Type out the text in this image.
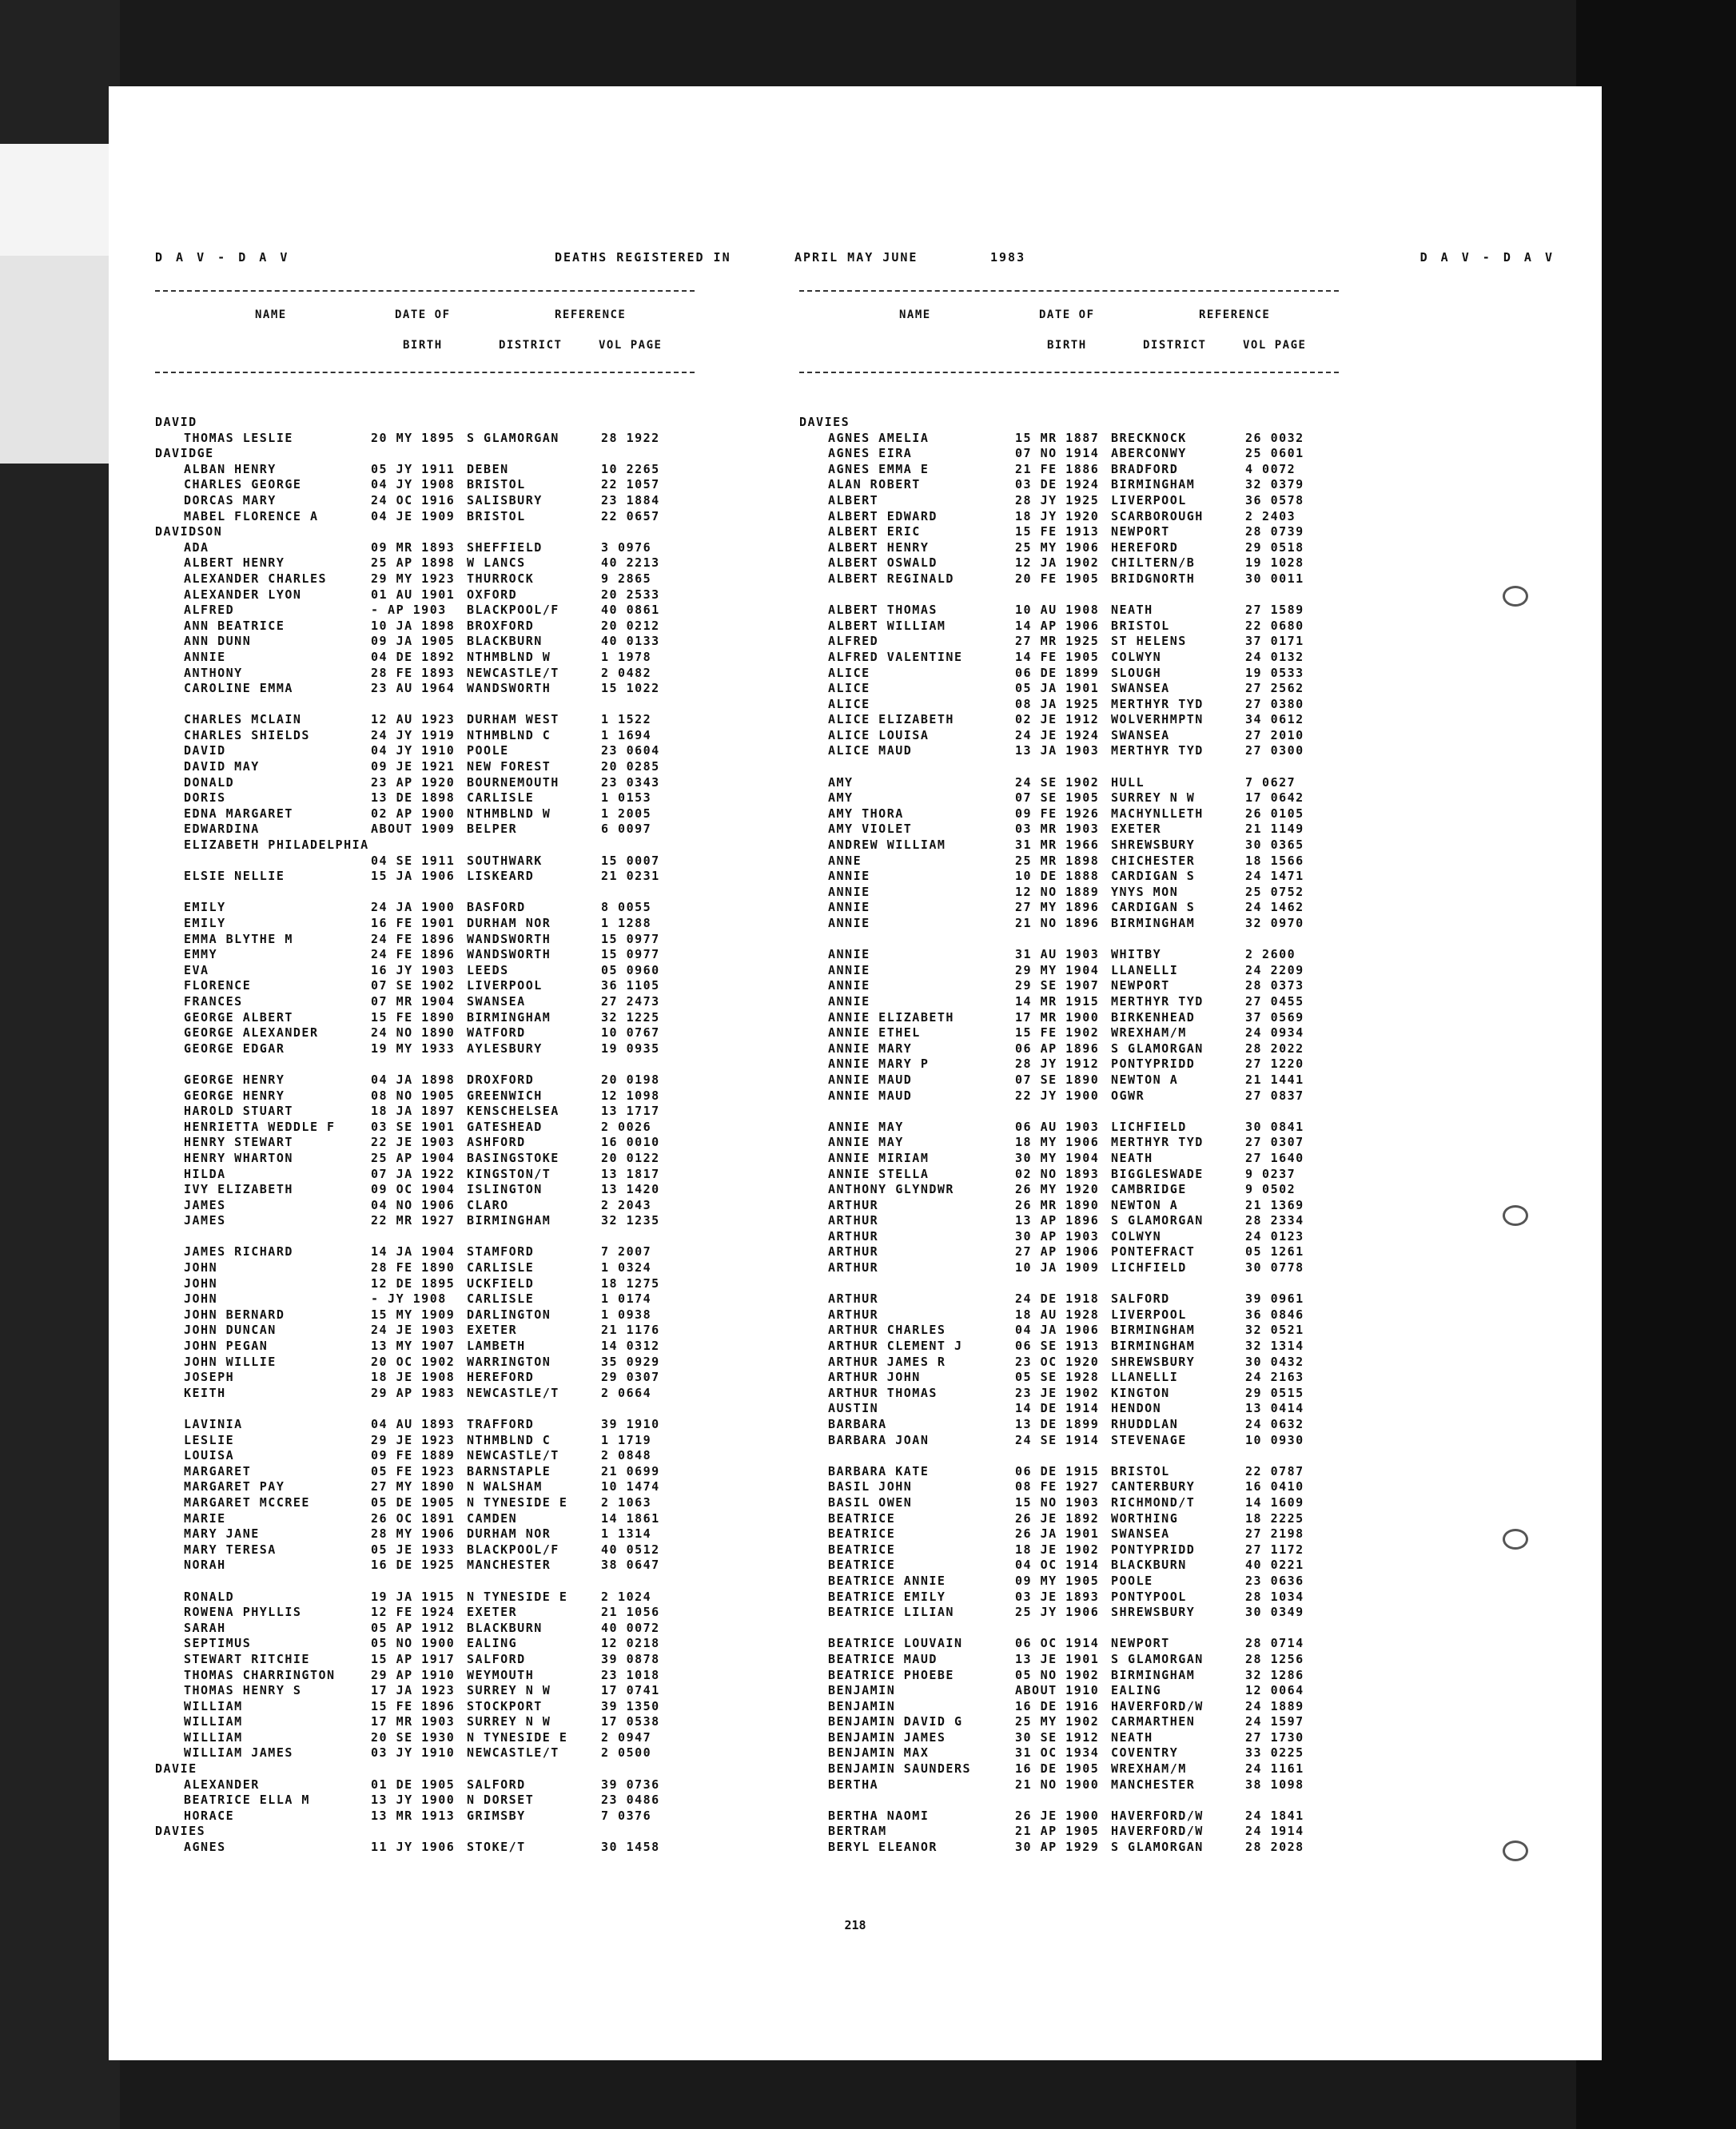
D A V - D A V	DEATHS REGISTERED IN	APRIL MAY JUNE	1983	D A V - D A V
NAME	DATE OF	REFERENCE
BIRTH	DISTRICT	VOL PAGE
DAVID
THOMAS LESLIE	20 MY 1895 S GLAMORGAN	28 1922
DAVIDGE
ALBAN HENRY	05 JY 1911 DEBEN	10 2265
CHARLES GEORGE	04 JY 1908 BRISTOL	22 1057
DORCAS MARY	24 OC 1916 SALISBURY	23 1884
MABEL FLORENCE A	04 JE 1909 BRISTOL	22 0657
DAVIDSON
ADA	09 MR 1893 SHEFFIELD	3 0976
ALBERT HENRY	25 AP 1898 W LANCS	40 2213
ALEXANDER CHARLES	29 MY 1923 THURROCK	9 2865
ALEXANDER LYON	01 AU 1901 OXFORD	20 2533
ALFRED	- AP 1903 BLACKPOOL/F	40 0861
ANN BEATRICE	10 JA 1898 BROXFORD	20 0212
ANN DUNN	09 JA 1905 BLACKBURN	40 0133
ANNIE	04 DE 1892 NTHMBLND W	1 1978
ANTHONY	28 FE 1893 NEWCASTLE/T	2 0482
CAROLINE EMMA	23 AU 1964 WANDSWORTH	15 1022
CHARLES MCLAIN	12 AU 1923 DURHAM WEST	1 1522
CHARLES SHIELDS	24 JY 1919 NTHMBLND C	1 1694
DAVID	04 JY 1910 POOLE	23 0604
DAVID MAY	09 JE 1921 NEW FOREST	20 0285
DONALD	23 AP 1920 BOURNEMOUTH	23 0343
DORIS	13 DE 1898 CARLISLE	1 0153
EDNA MARGARET	02 AP 1900 NTHMBLND W	1 2005
EDWARDINA	ABOUT 1909 BELPER	6 0097
ELIZABETH PHILADELPHIA
04 SE 1911 SOUTHWARK	15 0007
ELSIE NELLIE	15 JA 1906 LISKEARD	21 0231
EMILY	24 JA 1900 BASFORD	8 0055
EMILY	16 FE 1901 DURHAM NOR	1 1288
EMMA BLYTHE M	24 FE 1896 WANDSWORTH	15 0977
EMMY	24 FE 1896 WANDSWORTH	15 0977
EVA	16 JY 1903 LEEDS	05 0960
FLORENCE	07 SE 1902 LIVERPOOL	36 1105
FRANCES	07 MR 1904 SWANSEA	27 2473
GEORGE ALBERT	15 FE 1890 BIRMINGHAM	32 1225
GEORGE ALEXANDER	24 NO 1890 WATFORD	10 0767
GEORGE EDGAR	19 MY 1933 AYLESBURY	19 0935
GEORGE HENRY	04 JA 1898 DROXFORD	20 0198
GEORGE HENRY	08 NO 1905 GREENWICH	12 1098
HAROLD STUART	18 JA 1897 KENSCHELSEA	13 1717
HENRIETTA WEDDLE F	03 SE 1901 GATESHEAD	2 0026
HENRY STEWART	22 JE 1903 ASHFORD	16 0010
HENRY WHARTON	25 AP 1904 BASINGSTOKE	20 0122
HILDA	07 JA 1922 KINGSTON/T	13 1817
IVY ELIZABETH	09 OC 1904 ISLINGTON	13 1420
JAMES	04 NO 1906 CLARO	2 2043
JAMES	22 MR 1927 BIRMINGHAM	32 1235
JAMES RICHARD	14 JA 1904 STAMFORD	7 2007
JOHN	28 FE 1890 CARLISLE	1 0324
JOHN	12 DE 1895 UCKFIELD	18 1275
JOHN	- JY 1908 CARLISLE	1 0174
JOHN BERNARD	15 MY 1909 DARLINGTON	1 0938
JOHN DUNCAN	24 JE 1903 EXETER	21 1176
JOHN PEGAN	13 MY 1907 LAMBETH	14 0312
JOHN WILLIE	20 OC 1902 WARRINGTON	35 0929
JOSEPH	18 JE 1908 HEREFORD	29 0307
KEITH	29 AP 1983 NEWCASTLE/T	2 0664
LAVINIA	04 AU 1893 TRAFFORD	39 1910
LESLIE	29 JE 1923 NTHMBLND C	1 1719
LOUISA	09 FE 1889 NEWCASTLE/T	2 0848
MARGARET	05 FE 1923 BARNSTAPLE	21 0699
MARGARET PAY	27 MY 1890 N WALSHAM	10 1474
MARGARET MCCREE	05 DE 1905 N TYNESIDE E	2 1063
MARIE	26 OC 1891 CAMDEN	14 1861
MARY JANE	28 MY 1906 DURHAM NOR	1 1314
MARY TERESA	05 JE 1933 BLACKPOOL/F	40 0512
NORAH	16 DE 1925 MANCHESTER	38 0647
RONALD	19 JA 1915 N TYNESIDE E	2 1024
ROWENA PHYLLIS	12 FE 1924 EXETER	21 1056
SARAH	05 AP 1912 BLACKBURN	40 0072
SEPTIMUS	05 NO 1900 EALING	12 0218
STEWART RITCHIE	15 AP 1917 SALFORD	39 0878
THOMAS CHARRINGTON	29 AP 1910 WEYMOUTH	23 1018
THOMAS HENRY S	17 JA 1923 SURREY N W	17 0741
WILLIAM	15 FE 1896 STOCKPORT	39 1350
WILLIAM	17 MR 1903 SURREY N W	17 0538
WILLIAM	20 SE 1930 N TYNESIDE E	2 0947
WILLIAM JAMES	03 JY 1910 NEWCASTLE/T	2 0500
DAVIE
ALEXANDER	01 DE 1905 SALFORD	39 0736
BEATRICE ELLA M	13 JY 1900 N DORSET	23 0486
HORACE	13 MR 1913 GRIMSBY	7 0376
DAVIES
AGNES	11 JY 1906 STOKE/T	30 1458
NAME	DATE OF	REFERENCE
BIRTH	DISTRICT	VOL PAGE
DAVIES
AGNES AMELIA	15 MR 1887 BRECKNOCK	26 0032
AGNES EIRA	07 NO 1914 ABERCONWY	25 0601
AGNES EMMA E	21 FE 1886 BRADFORD	4 0072
ALAN ROBERT	03 DE 1924 BIRMINGHAM	32 0379
ALBERT	28 JY 1925 LIVERPOOL	36 0578
ALBERT EDWARD	18 JY 1920 SCARBOROUGH	2 2403
ALBERT ERIC	15 FE 1913 NEWPORT	28 0739
ALBERT HENRY	25 MY 1906 HEREFORD	29 0518
ALBERT OSWALD	12 JA 1902 CHILTERN/B	19 1028
ALBERT REGINALD	20 FE 1905 BRIDGNORTH	30 0011
ALBERT THOMAS	10 AU 1908 NEATH	27 1589
ALBERT WILLIAM	14 AP 1906 BRISTOL	22 0680
ALFRED	27 MR 1925 ST HELENS	37 0171
ALFRED VALENTINE	14 FE 1905 COLWYN	24 0132
ALICE	06 DE 1899 SLOUGH	19 0533
ALICE	05 JA 1901 SWANSEA	27 2562
ALICE	08 JA 1925 MERTHYR TYD	27 0380
ALICE ELIZABETH	02 JE 1912 WOLVERHMPTN	34 0612
ALICE LOUISA	24 JE 1924 SWANSEA	27 2010
ALICE MAUD	13 JA 1903 MERTHYR TYD	27 0300
AMY	24 SE 1902 HULL	7 0627
AMY	07 SE 1905 SURREY N W	17 0642
AMY THORA	09 FE 1926 MACHYNLLETH	26 0105
AMY VIOLET	03 MR 1903 EXETER	21 1149
ANDREW WILLIAM	31 MR 1966 SHREWSBURY	30 0365
ANNE	25 MR 1898 CHICHESTER	18 1566
ANNIE	10 DE 1888 CARDIGAN S	24 1471
ANNIE	12 NO 1889 YNYS MON	25 0752
ANNIE	27 MY 1896 CARDIGAN S	24 1462
ANNIE	21 NO 1896 BIRMINGHAM	32 0970
ANNIE	31 AU 1903 WHITBY	2 2600
ANNIE	29 MY 1904 LLANELLI	24 2209
ANNIE	29 SE 1907 NEWPORT	28 0373
ANNIE	14 MR 1915 MERTHYR TYD	27 0455
ANNIE ELIZABETH	17 MR 1900 BIRKENHEAD	37 0569
ANNIE ETHEL	15 FE 1902 WREXHAM/M	24 0934
ANNIE MARY	06 AP 1896 S GLAMORGAN	28 2022
ANNIE MARY P	28 JY 1912 PONTYPRIDD	27 1220
ANNIE MAUD	07 SE 1890 NEWTON A	21 1441
ANNIE MAUD	22 JY 1900 OGWR	27 0837
ANNIE MAY	06 AU 1903 LICHFIELD	30 0841
ANNIE MAY	18 MY 1906 MERTHYR TYD	27 0307
ANNIE MIRIAM	30 MY 1904 NEATH	27 1640
ANNIE STELLA	02 NO 1893 BIGGLESWADE	9 0237
ANTHONY GLYNDWR	26 MY 1920 CAMBRIDGE	9 0502
ARTHUR	26 MR 1890 NEWTON A	21 1369
ARTHUR	13 AP 1896 S GLAMORGAN	28 2334
ARTHUR	30 AP 1903 COLWYN	24 0123
ARTHUR	27 AP 1906 PONTEFRACT	05 1261
ARTHUR	10 JA 1909 LICHFIELD	30 0778
ARTHUR	24 DE 1918 SALFORD	39 0961
ARTHUR	18 AU 1928 LIVERPOOL	36 0846
ARTHUR CHARLES	04 JA 1906 BIRMINGHAM	32 0521
ARTHUR CLEMENT J	06 SE 1913 BIRMINGHAM	32 1314
ARTHUR JAMES R	23 OC 1920 SHREWSBURY	30 0432
ARTHUR JOHN	05 SE 1928 LLANELLI	24 2163
ARTHUR THOMAS	23 JE 1902 KINGTON	29 0515
AUSTIN	14 DE 1914 HENDON	13 0414
BARBARA	13 DE 1899 RHUDDLAN	24 0632
BARBARA JOAN	24 SE 1914 STEVENAGE	10 0930
BARBARA KATE	06 DE 1915 BRISTOL	22 0787
BASIL JOHN	08 FE 1927 CANTERBURY	16 0410
BASIL OWEN	15 NO 1903 RICHMOND/T	14 1609
BEATRICE	26 JE 1892 WORTHING	18 2225
BEATRICE	26 JA 1901 SWANSEA	27 2198
BEATRICE	18 JE 1902 PONTYPRIDD	27 1172
BEATRICE	04 OC 1914 BLACKBURN	40 0221
BEATRICE ANNIE	09 MY 1905 POOLE	23 0636
BEATRICE EMILY	03 JE 1893 PONTYPOOL	28 1034
BEATRICE LILIAN	25 JY 1906 SHREWSBURY	30 0349
BEATRICE LOUVAIN	06 OC 1914 NEWPORT	28 0714
BEATRICE MAUD	13 JE 1901 S GLAMORGAN	28 1256
BEATRICE PHOEBE	05 NO 1902 BIRMINGHAM	32 1286
BENJAMIN	ABOUT 1910 EALING	12 0064
BENJAMIN	16 DE 1916 HAVERFORD/W	24 1889
BENJAMIN DAVID G	25 MY 1902 CARMARTHEN	24 1597
BENJAMIN JAMES	30 SE 1912 NEATH	27 1730
BENJAMIN MAX	31 OC 1934 COVENTRY	33 0225
BENJAMIN SAUNDERS	16 DE 1905 WREXHAM/M	24 1161
BERTHA	21 NO 1900 MANCHESTER	38 1098
BERTHA NAOMI	26 JE 1900 HAVERFORD/W	24 1841
BERTRAM	21 AP 1905 HAVERFORD/W	24 1914
BERYL ELEANOR	30 AP 1929 S GLAMORGAN	28 2028
218
